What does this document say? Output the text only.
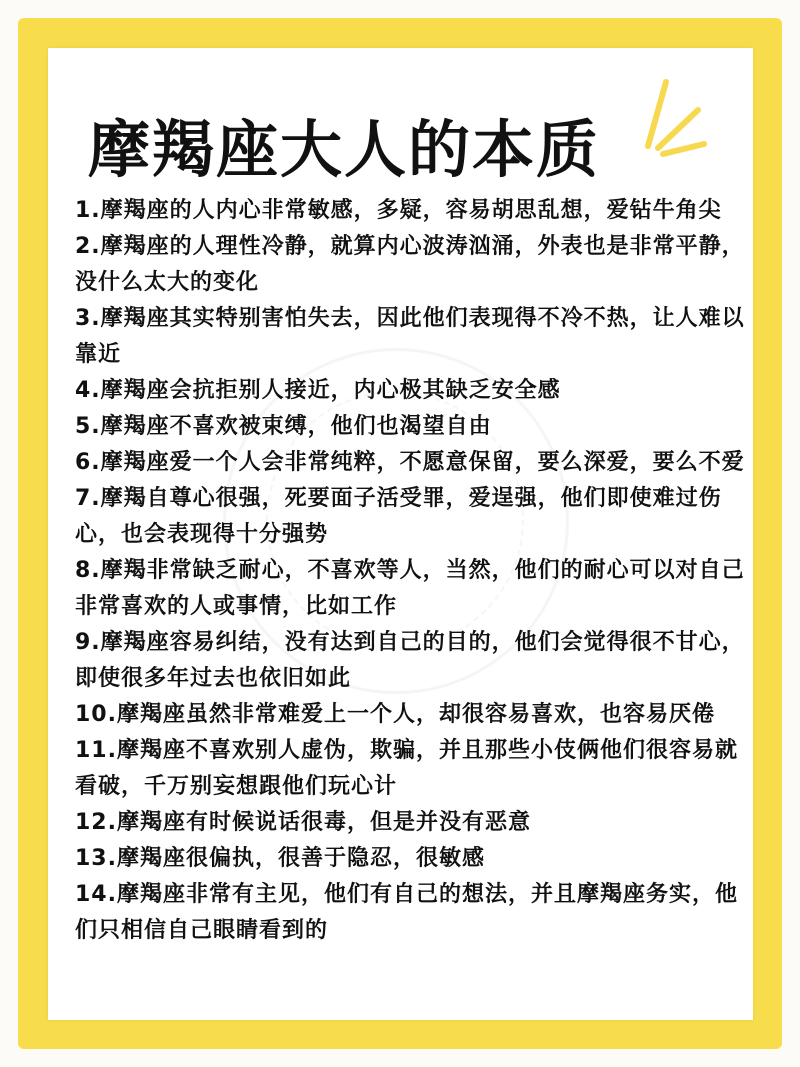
摩羯座大人的本质
1.摩羯座的人内心非常敏感，多疑，容易胡思乱想，爱钻牛角尖
2.摩羯座的人理性冷静，就算内心波涛汹涌，外表也是非常平静，没什么太大的变化
3.摩羯座其实特别害怕失去，因此他们表现得不冷不热，让人难以靠近
4.摩羯座会抗拒别人接近，内心极其缺乏安全感
5.摩羯座不喜欢被束缚，他们也渴望自由
6.摩羯座爱一个人会非常纯粹，不愿意保留，要么深爱，要么不爱
7.摩羯自尊心很强，死要面子活受罪，爱逞强，他们即使难过伤心，也会表现得十分强势
8.摩羯非常缺乏耐心，不喜欢等人，当然，他们的耐心可以对自己非常喜欢的人或事情，比如工作
9.摩羯座容易纠结，没有达到自己的目的，他们会觉得很不甘心，即使很多年过去也依旧如此
10.摩羯座虽然非常难爱上一个人，却很容易喜欢，也容易厌倦
11.摩羯座不喜欢别人虚伪，欺骗，并且那些小伎俩他们很容易就看破，千万别妄想跟他们玩心计
12.摩羯座有时候说话很毒，但是并没有恶意
13.摩羯座很偏执，很善于隐忍，很敏感
14.摩羯座非常有主见，他们有自己的想法，并且摩羯座务实，他们只相信自己眼睛看到的
